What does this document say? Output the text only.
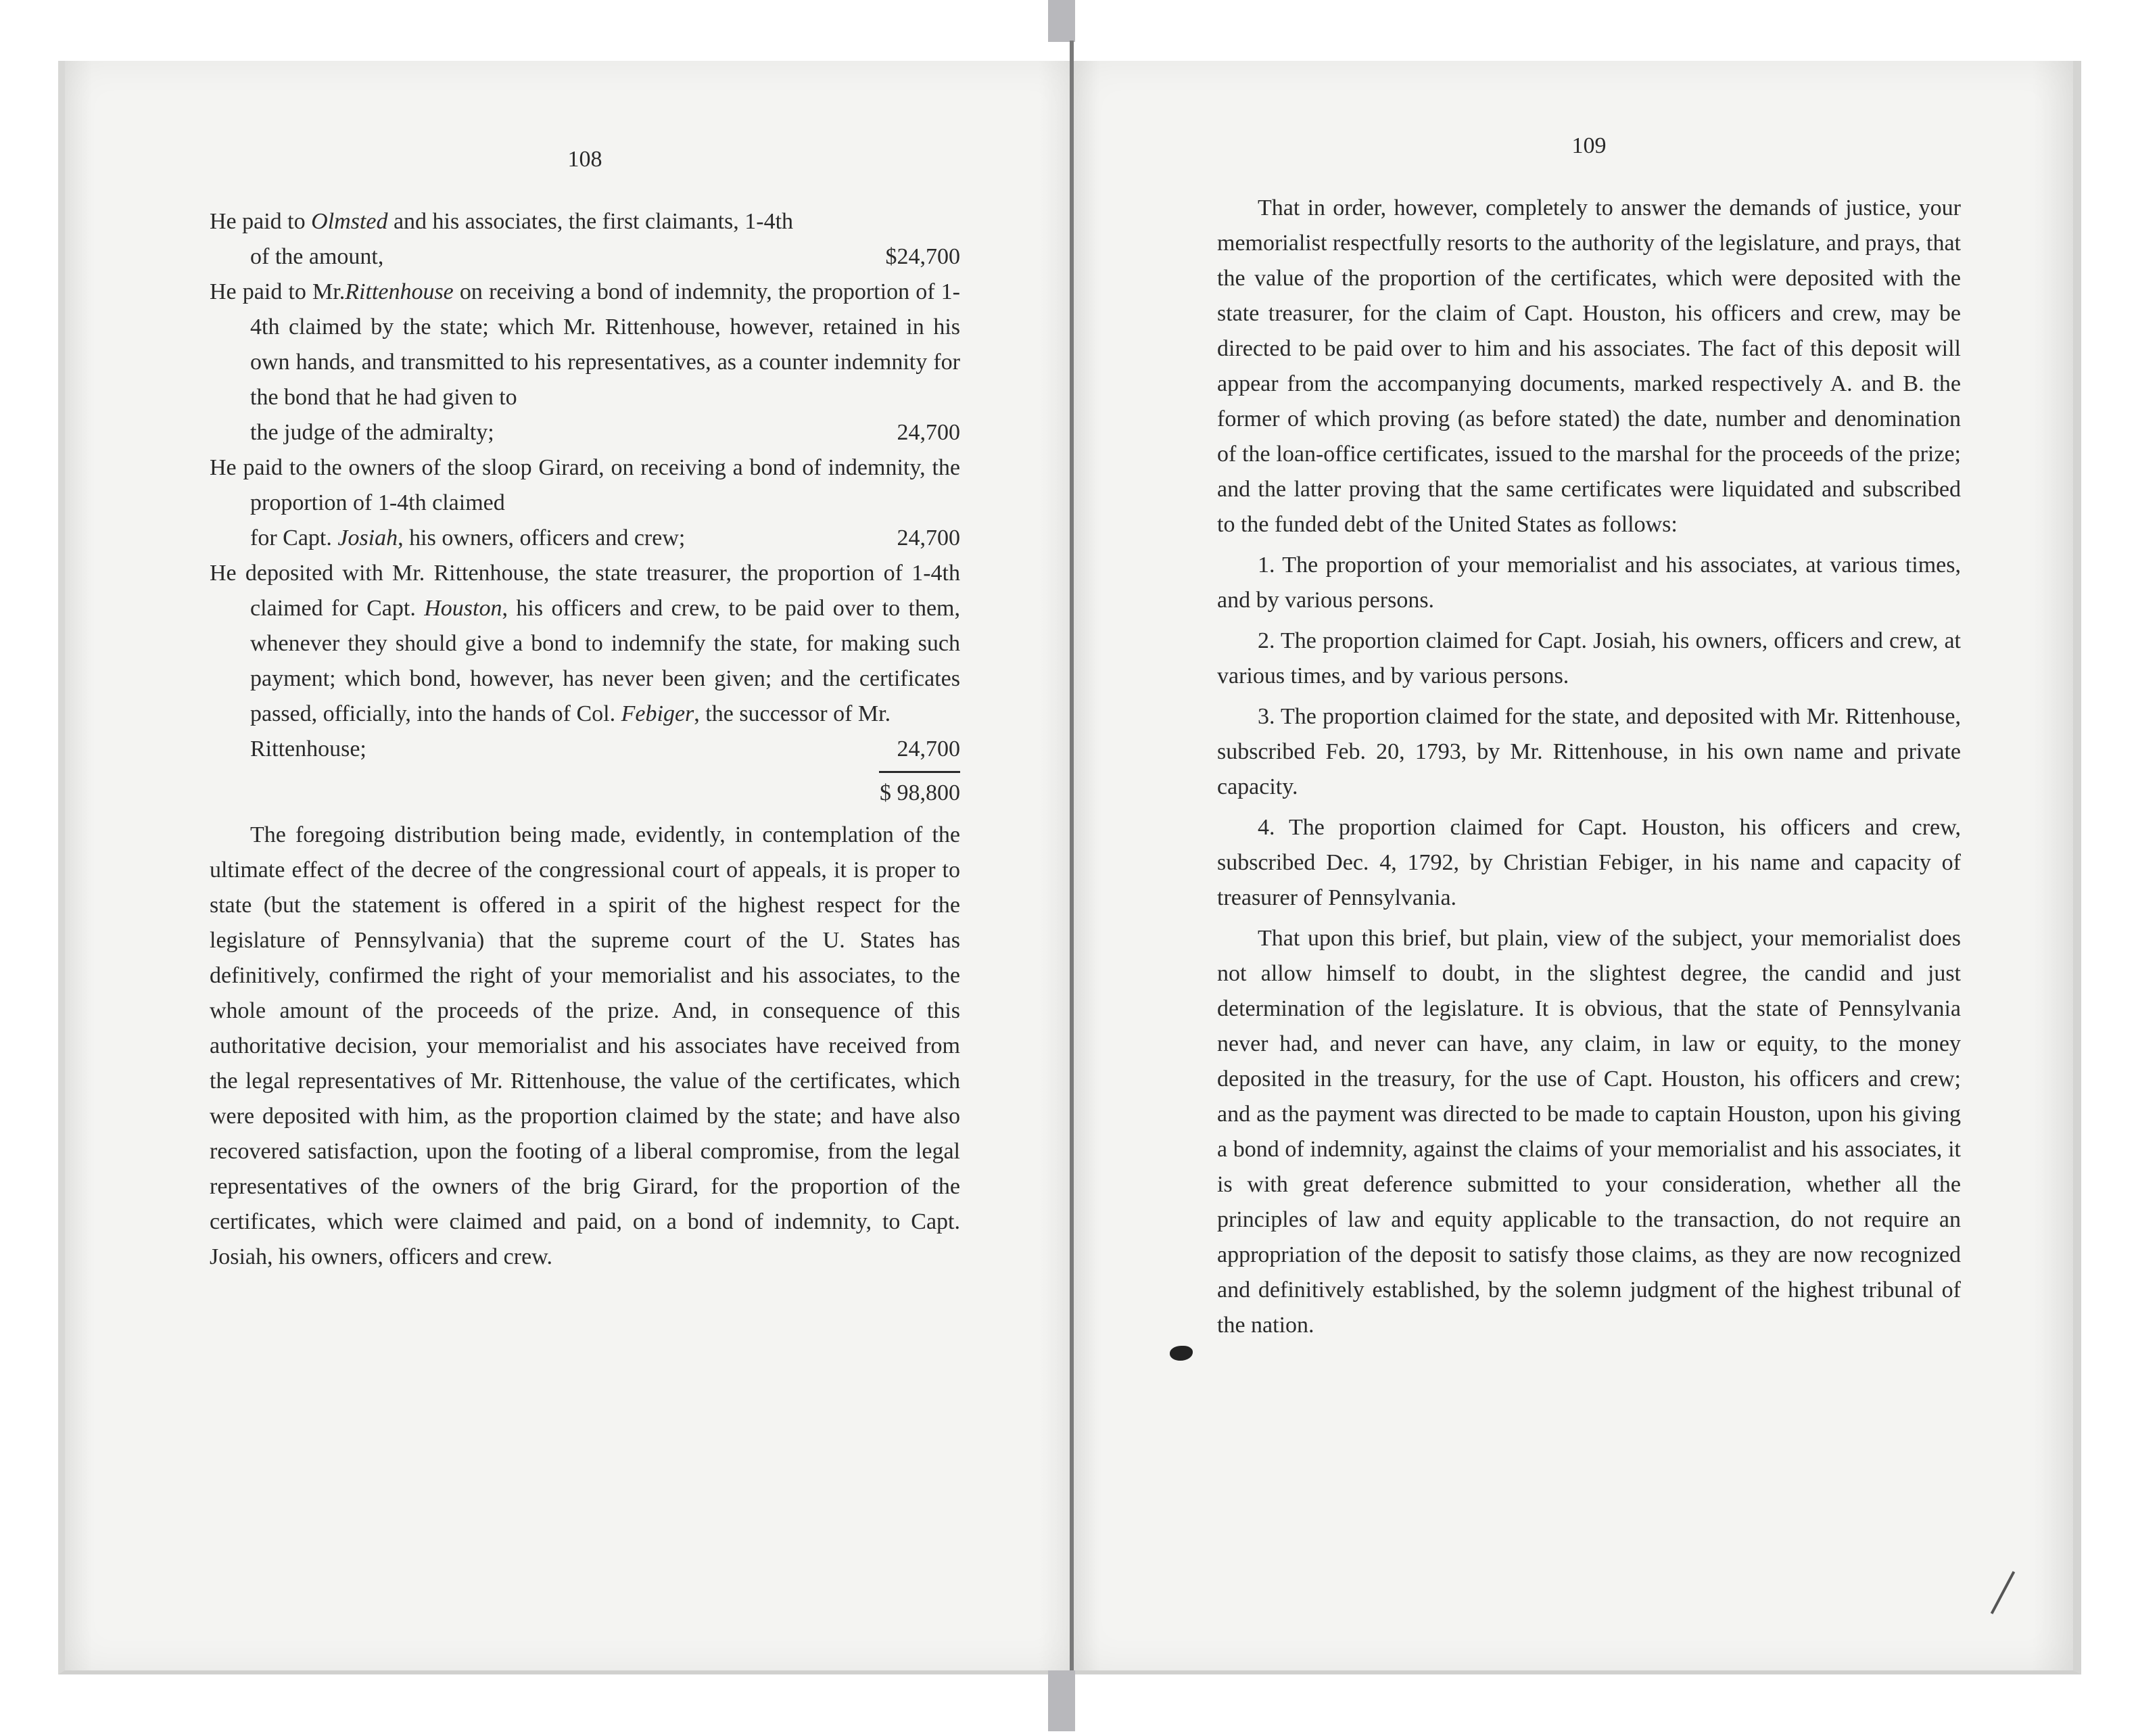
108
He paid to Olmsted and his associates, the first claimants, 1-4th
of the amount,	$24,700
He paid to Mr.Rittenhouse on receiving a bond of indemnity, the proportion of 1-4th claimed by the state; which Mr. Rittenhouse, however, retained in his own hands, and transmitted to his representatives, as a counter indemnity for the bond that he had given to
the judge of the admiralty;	24,700
He paid to the owners of the sloop Girard, on receiving a bond of indemnity, the proportion of 1-4th claimed
for Capt. Josiah, his owners, officers and crew;	24,700
He deposited with Mr. Rittenhouse, the state treasurer, the proportion of 1-4th claimed for Capt. Houston, his officers and crew, to be paid over to them, whenever they should give a bond to indemnify the state, for making such payment; which bond, however, has never been given; and the certificates passed, officially, into the hands of Col. Febiger, the successor of Mr.
Rittenhouse;	24,700
$ 98,800

The foregoing distribution being made, evidently, in contemplation of the ultimate effect of the decree of the congressional court of appeals, it is proper to state (but the statement is offered in a spirit of the highest respect for the legislature of Pennsylvania) that the supreme court of the U. States has definitively, confirmed the right of your memorialist and his associates, to the whole amount of the proceeds of the prize. And, in consequence of this authoritative decision, your memorialist and his associates have received from the legal representatives of Mr. Rittenhouse, the value of the certificates, which were deposited with him, as the proportion claimed by the state; and have also recovered satisfaction, upon the footing of a liberal compromise, from the legal representatives of the owners of the brig Girard, for the proportion of the certificates, which were claimed and paid, on a bond of indemnity, to Capt. Josiah, his owners, officers and crew.

109

That in order, however, completely to answer the demands of justice, your memorialist respectfully resorts to the authority of the legislature, and prays, that the value of the proportion of the certificates, which were deposited with the state treasurer, for the claim of Capt. Houston, his officers and crew, may be directed to be paid over to him and his associates. The fact of this deposit will appear from the accompanying documents, marked respectively A. and B. the former of which proving (as before stated) the date, number and denomination of the loan-office certificates, issued to the marshal for the proceeds of the prize; and the latter proving that the same certificates were liquidated and subscribed to the funded debt of the United States as follows:

1. The proportion of your memorialist and his associates, at various times, and by various persons.

2. The proportion claimed for Capt. Josiah, his owners, officers and crew, at various times, and by various persons.

3. The proportion claimed for the state, and deposited with Mr. Rittenhouse, subscribed Feb. 20, 1793, by Mr. Rittenhouse, in his own name and private capacity.

4. The proportion claimed for Capt. Houston, his officers and crew, subscribed Dec. 4, 1792, by Christian Febiger, in his name and capacity of treasurer of Pennsylvania.

That upon this brief, but plain, view of the subject, your memorialist does not allow himself to doubt, in the slightest degree, the candid and just determination of the legislature. It is obvious, that the state of Pennsylvania never had, and never can have, any claim, in law or equity, to the money deposited in the treasury, for the use of Capt. Houston, his officers and crew; and as the payment was directed to be made to captain Houston, upon his giving a bond of indemnity, against the claims of your memorialist and his associates, it is with great deference submitted to your consideration, whether all the principles of law and equity applicable to the transaction, do not require an appropriation of the deposit to satisfy those claims, as they are now recognized and definitively established, by the solemn judgment of the highest tribunal of the nation.
